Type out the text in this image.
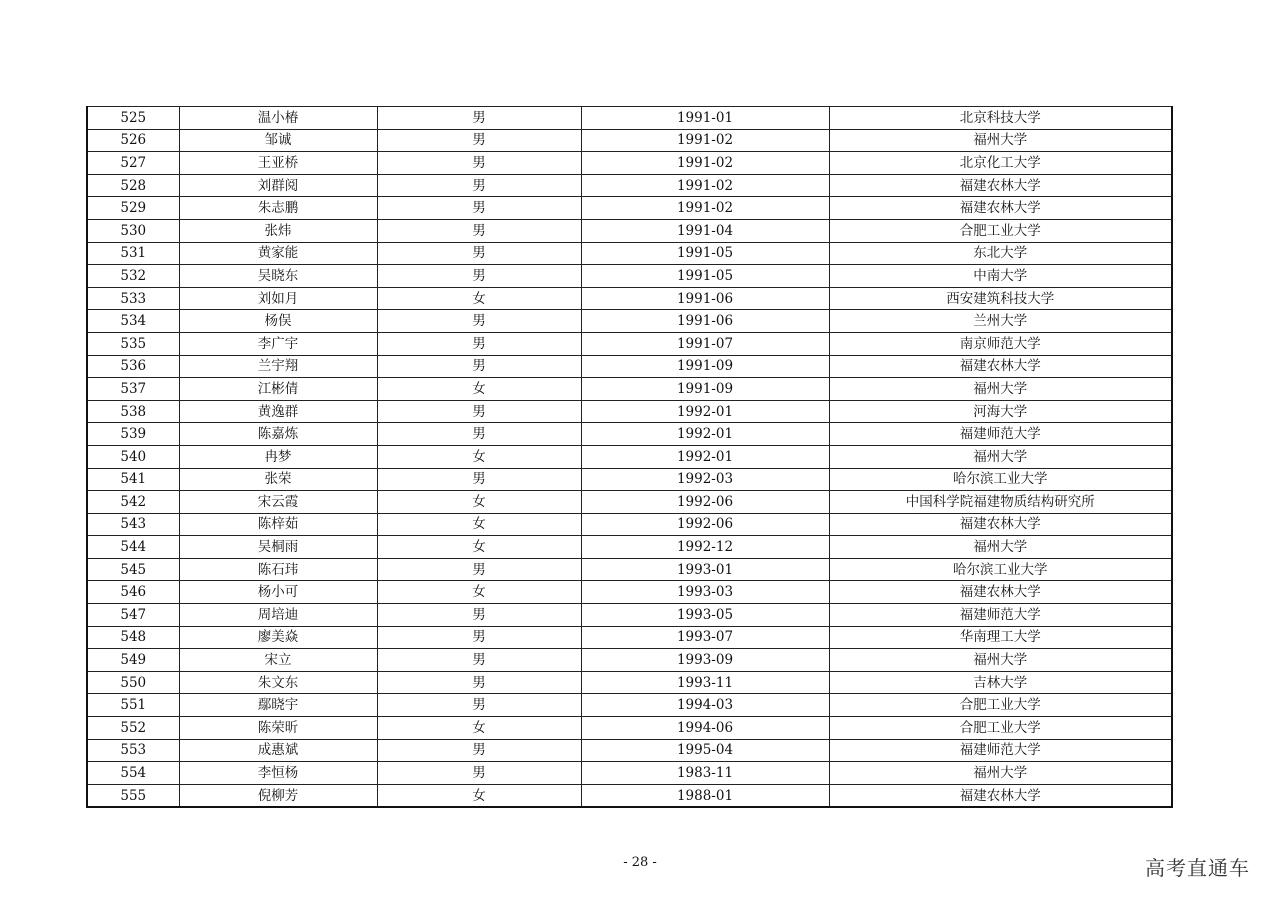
525	温小椿	男	1991-01	北京科技大学
526	邹诚	男	1991-02	福州大学
527	王亚桥	男	1991-02	北京化工大学
528	刘群阅	男	1991-02	福建农林大学
529	朱志鹏	男	1991-02	福建农林大学
530	张炜	男	1991-04	合肥工业大学
531	黄家能	男	1991-05	东北大学
532	吴晓东	男	1991-05	中南大学
533	刘如月	女	1991-06	西安建筑科技大学
534	杨俣	男	1991-06	兰州大学
535	李广宇	男	1991-07	南京师范大学
536	兰宇翔	男	1991-09	福建农林大学
537	江彬倩	女	1991-09	福州大学
538	黄逸群	男	1992-01	河海大学
539	陈嘉炼	男	1992-01	福建师范大学
540	冉梦	女	1992-01	福州大学
541	张荣	男	1992-03	哈尔滨工业大学
542	宋云霞	女	1992-06	中国科学院福建物质结构研究所
543	陈梓茹	女	1992-06	福建农林大学
544	吴桐雨	女	1992-12	福州大学
545	陈石玮	男	1993-01	哈尔滨工业大学
546	杨小可	女	1993-03	福建农林大学
547	周培迪	男	1993-05	福建师范大学
548	廖美焱	男	1993-07	华南理工大学
549	宋立	男	1993-09	福州大学
550	朱文东	男	1993-11	吉林大学
551	鄢晓宇	男	1994-03	合肥工业大学
552	陈荣昕	女	1994-06	合肥工业大学
553	成惠斌	男	1995-04	福建师范大学
554	李恒杨	男	1983-11	福州大学
555	倪柳芳	女	1988-01	福建农林大学
- 28 -	高考直通车
